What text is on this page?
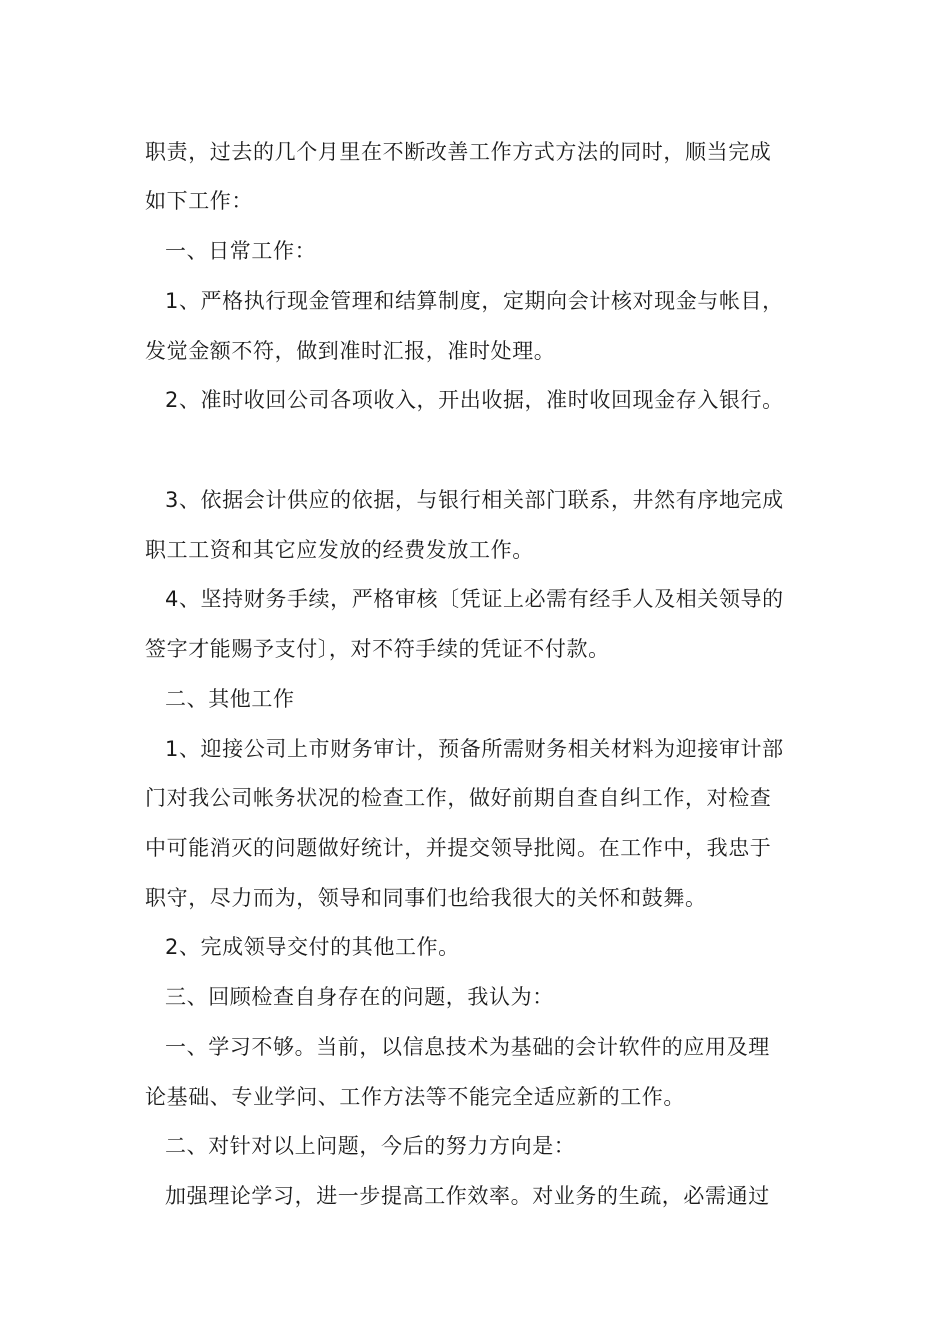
职责，过去的几个月里在不断改善工作方式方法的同时，顺当完成
如下工作：
一、日常工作：
1、严格执行现金管理和结算制度，定期向会计核对现金与帐目，
发觉金额不符，做到准时汇报，准时处理。
2、准时收回公司各项收入，开出收据，准时收回现金存入银行。
3、依据会计供应的依据，与银行相关部门联系，井然有序地完成
职工工资和其它应发放的经费发放工作。
4、坚持财务手续，严格审核〔凭证上必需有经手人及相关领导的
签字才能赐予支付〕，对不符手续的凭证不付款。
二、其他工作
1、迎接公司上市财务审计，预备所需财务相关材料为迎接审计部
门对我公司帐务状况的检查工作，做好前期自查自纠工作，对检查
中可能消灭的问题做好统计，并提交领导批阅。在工作中，我忠于
职守，尽力而为，领导和同事们也给我很大的关怀和鼓舞。
2、完成领导交付的其他工作。
三、回顾检查自身存在的问题，我认为：
一、学习不够。当前，以信息技术为基础的会计软件的应用及理
论基础、专业学问、工作方法等不能完全适应新的工作。
二、对针对以上问题，今后的努力方向是：
加强理论学习，进一步提高工作效率。对业务的生疏，必需通过
